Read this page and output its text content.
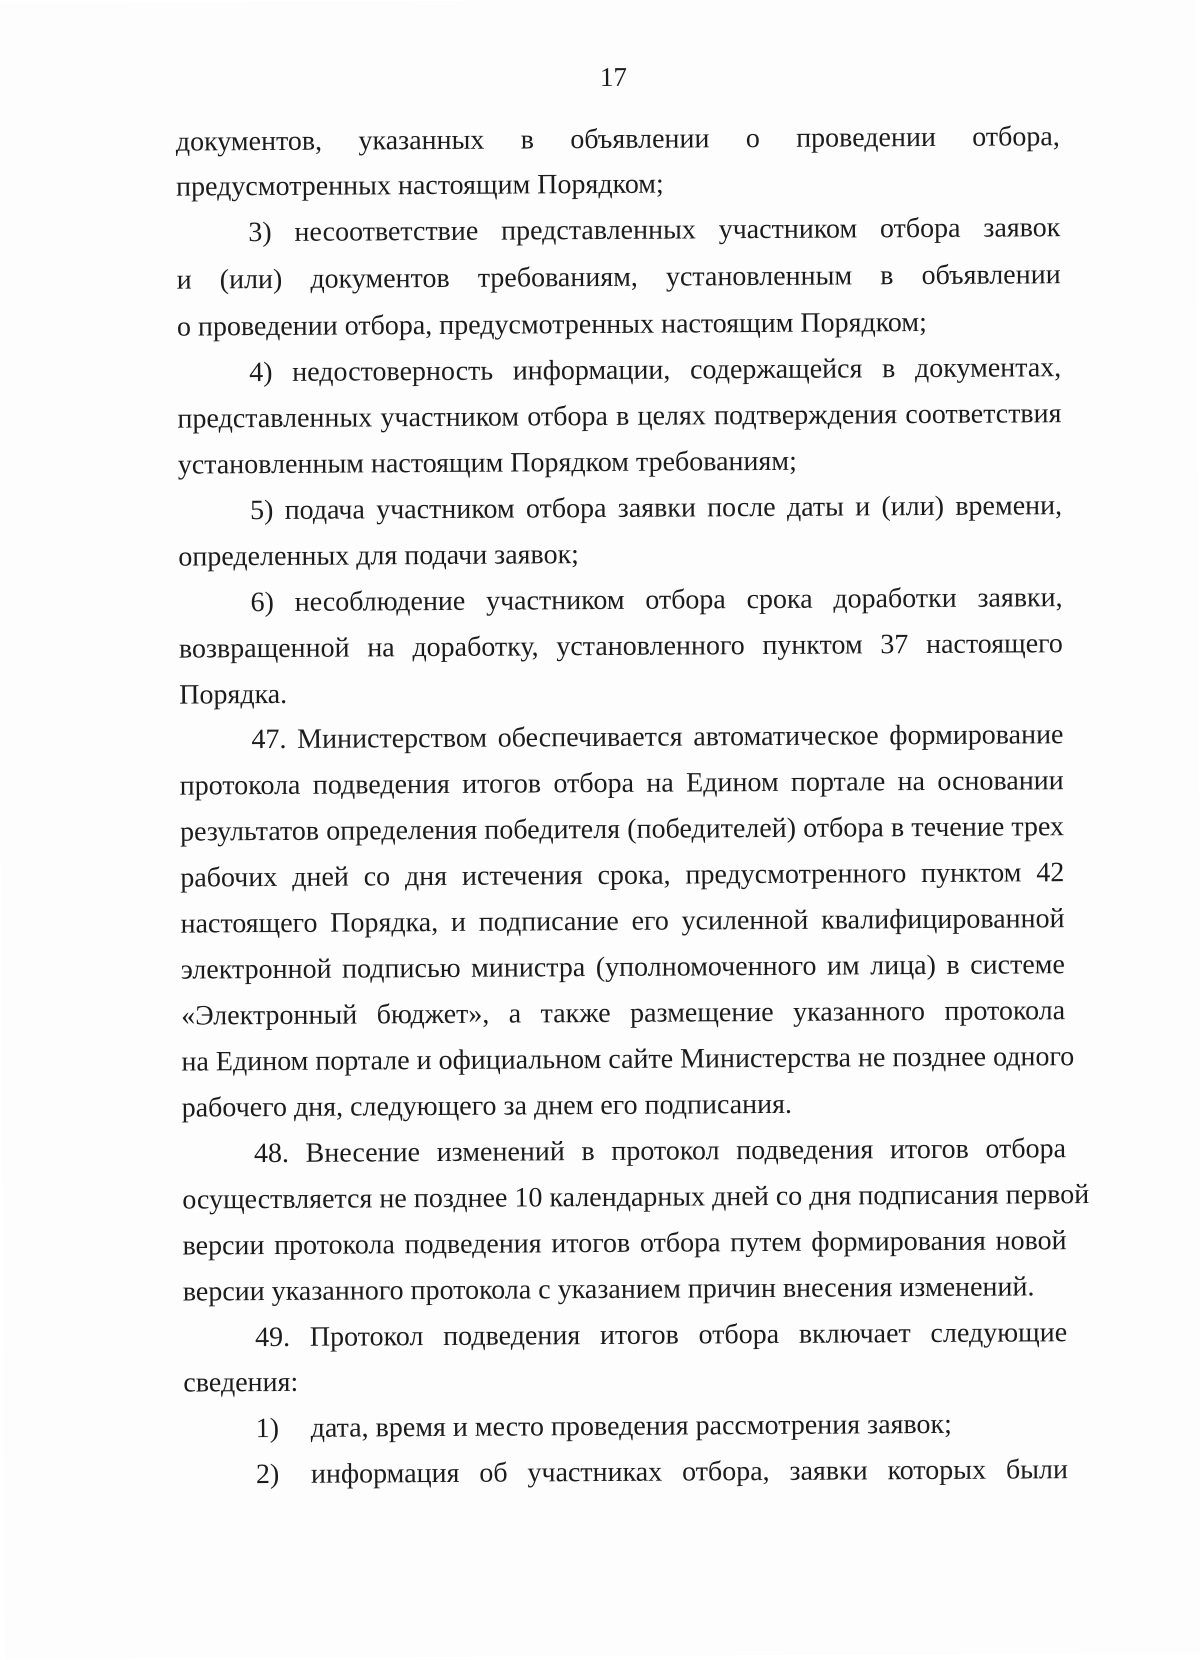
17
документов, указанных в объявлении о проведении отбора,
предусмотренных настоящим Порядком;
3) несоответствие представленных участником отбора заявок
и (или) документов требованиям, установленным в объявлении
о проведении отбора, предусмотренных настоящим Порядком;
4) недостоверность информации, содержащейся в документах,
представленных участником отбора в целях подтверждения соответствия
установленным настоящим Порядком требованиям;
5) подача участником отбора заявки после даты и (или) времени,
определенных для подачи заявок;
6) несоблюдение участником отбора срока доработки заявки,
возвращенной на доработку, установленного пунктом 37 настоящего
Порядка.
47. Министерством обеспечивается автоматическое формирование
протокола подведения итогов отбора на Едином портале на основании
результатов определения победителя (победителей) отбора в течение трех
рабочих дней со дня истечения срока, предусмотренного пунктом 42
настоящего Порядка, и подписание его усиленной квалифицированной
электронной подписью министра (уполномоченного им лица) в системе
«Электронный бюджет», а также размещение указанного протокола
на Едином портале и официальном сайте Министерства не позднее одного
рабочего дня, следующего за днем его подписания.
48. Внесение изменений в протокол подведения итогов отбора
осуществляется не позднее 10 календарных дней со дня подписания первой
версии протокола подведения итогов отбора путем формирования новой
версии указанного протокола с указанием причин внесения изменений.
49. Протокол подведения итогов отбора включает следующие
сведения:
1) дата, время и место проведения рассмотрения заявок;
2) информация об участниках отбора, заявки которых были
